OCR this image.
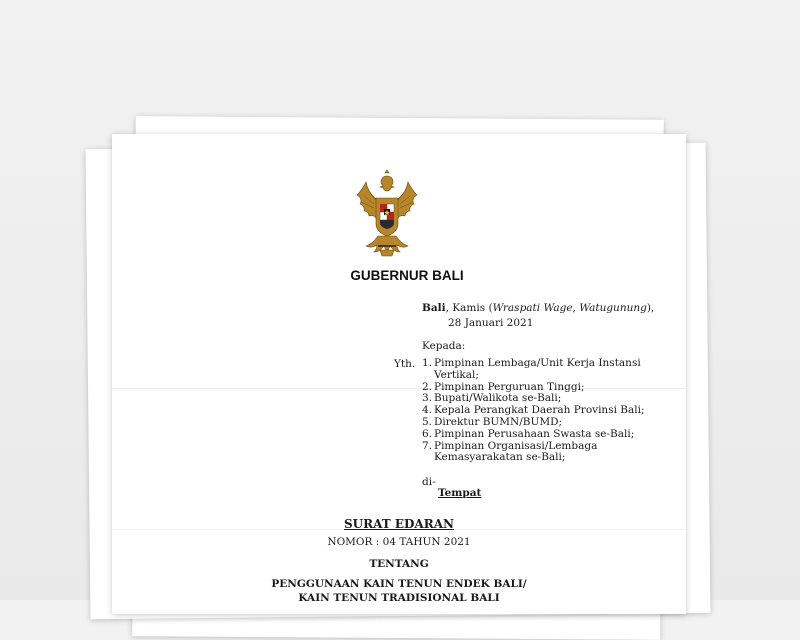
GUBERNUR BALI
Bali, Kamis (Wraspati Wage, Watugunung),
28 Januari 2021
Kepada:
Yth. 1. Pimpinan Lembaga/Unit Kerja Instansi
Vertikal;
2. Pimpinan Perguruan Tinggi;
3. Bupati/Walikota se-Bali;
4. Kepala Perangkat Daerah Provinsi Bali;
5. Direktur BUMN/BUMD;
6. Pimpinan Perusahaan Swasta se-Bali;
7. Pimpinan Organisasi/Lembaga
Kemasyarakatan se-Bali;
di-
Tempat
SURAT EDARAN
NOMOR : 04 TAHUN 2021
TENTANG
PENGGUNAAN KAIN TENUN ENDEK BALI/
KAIN TENUN TRADISIONAL BALI
